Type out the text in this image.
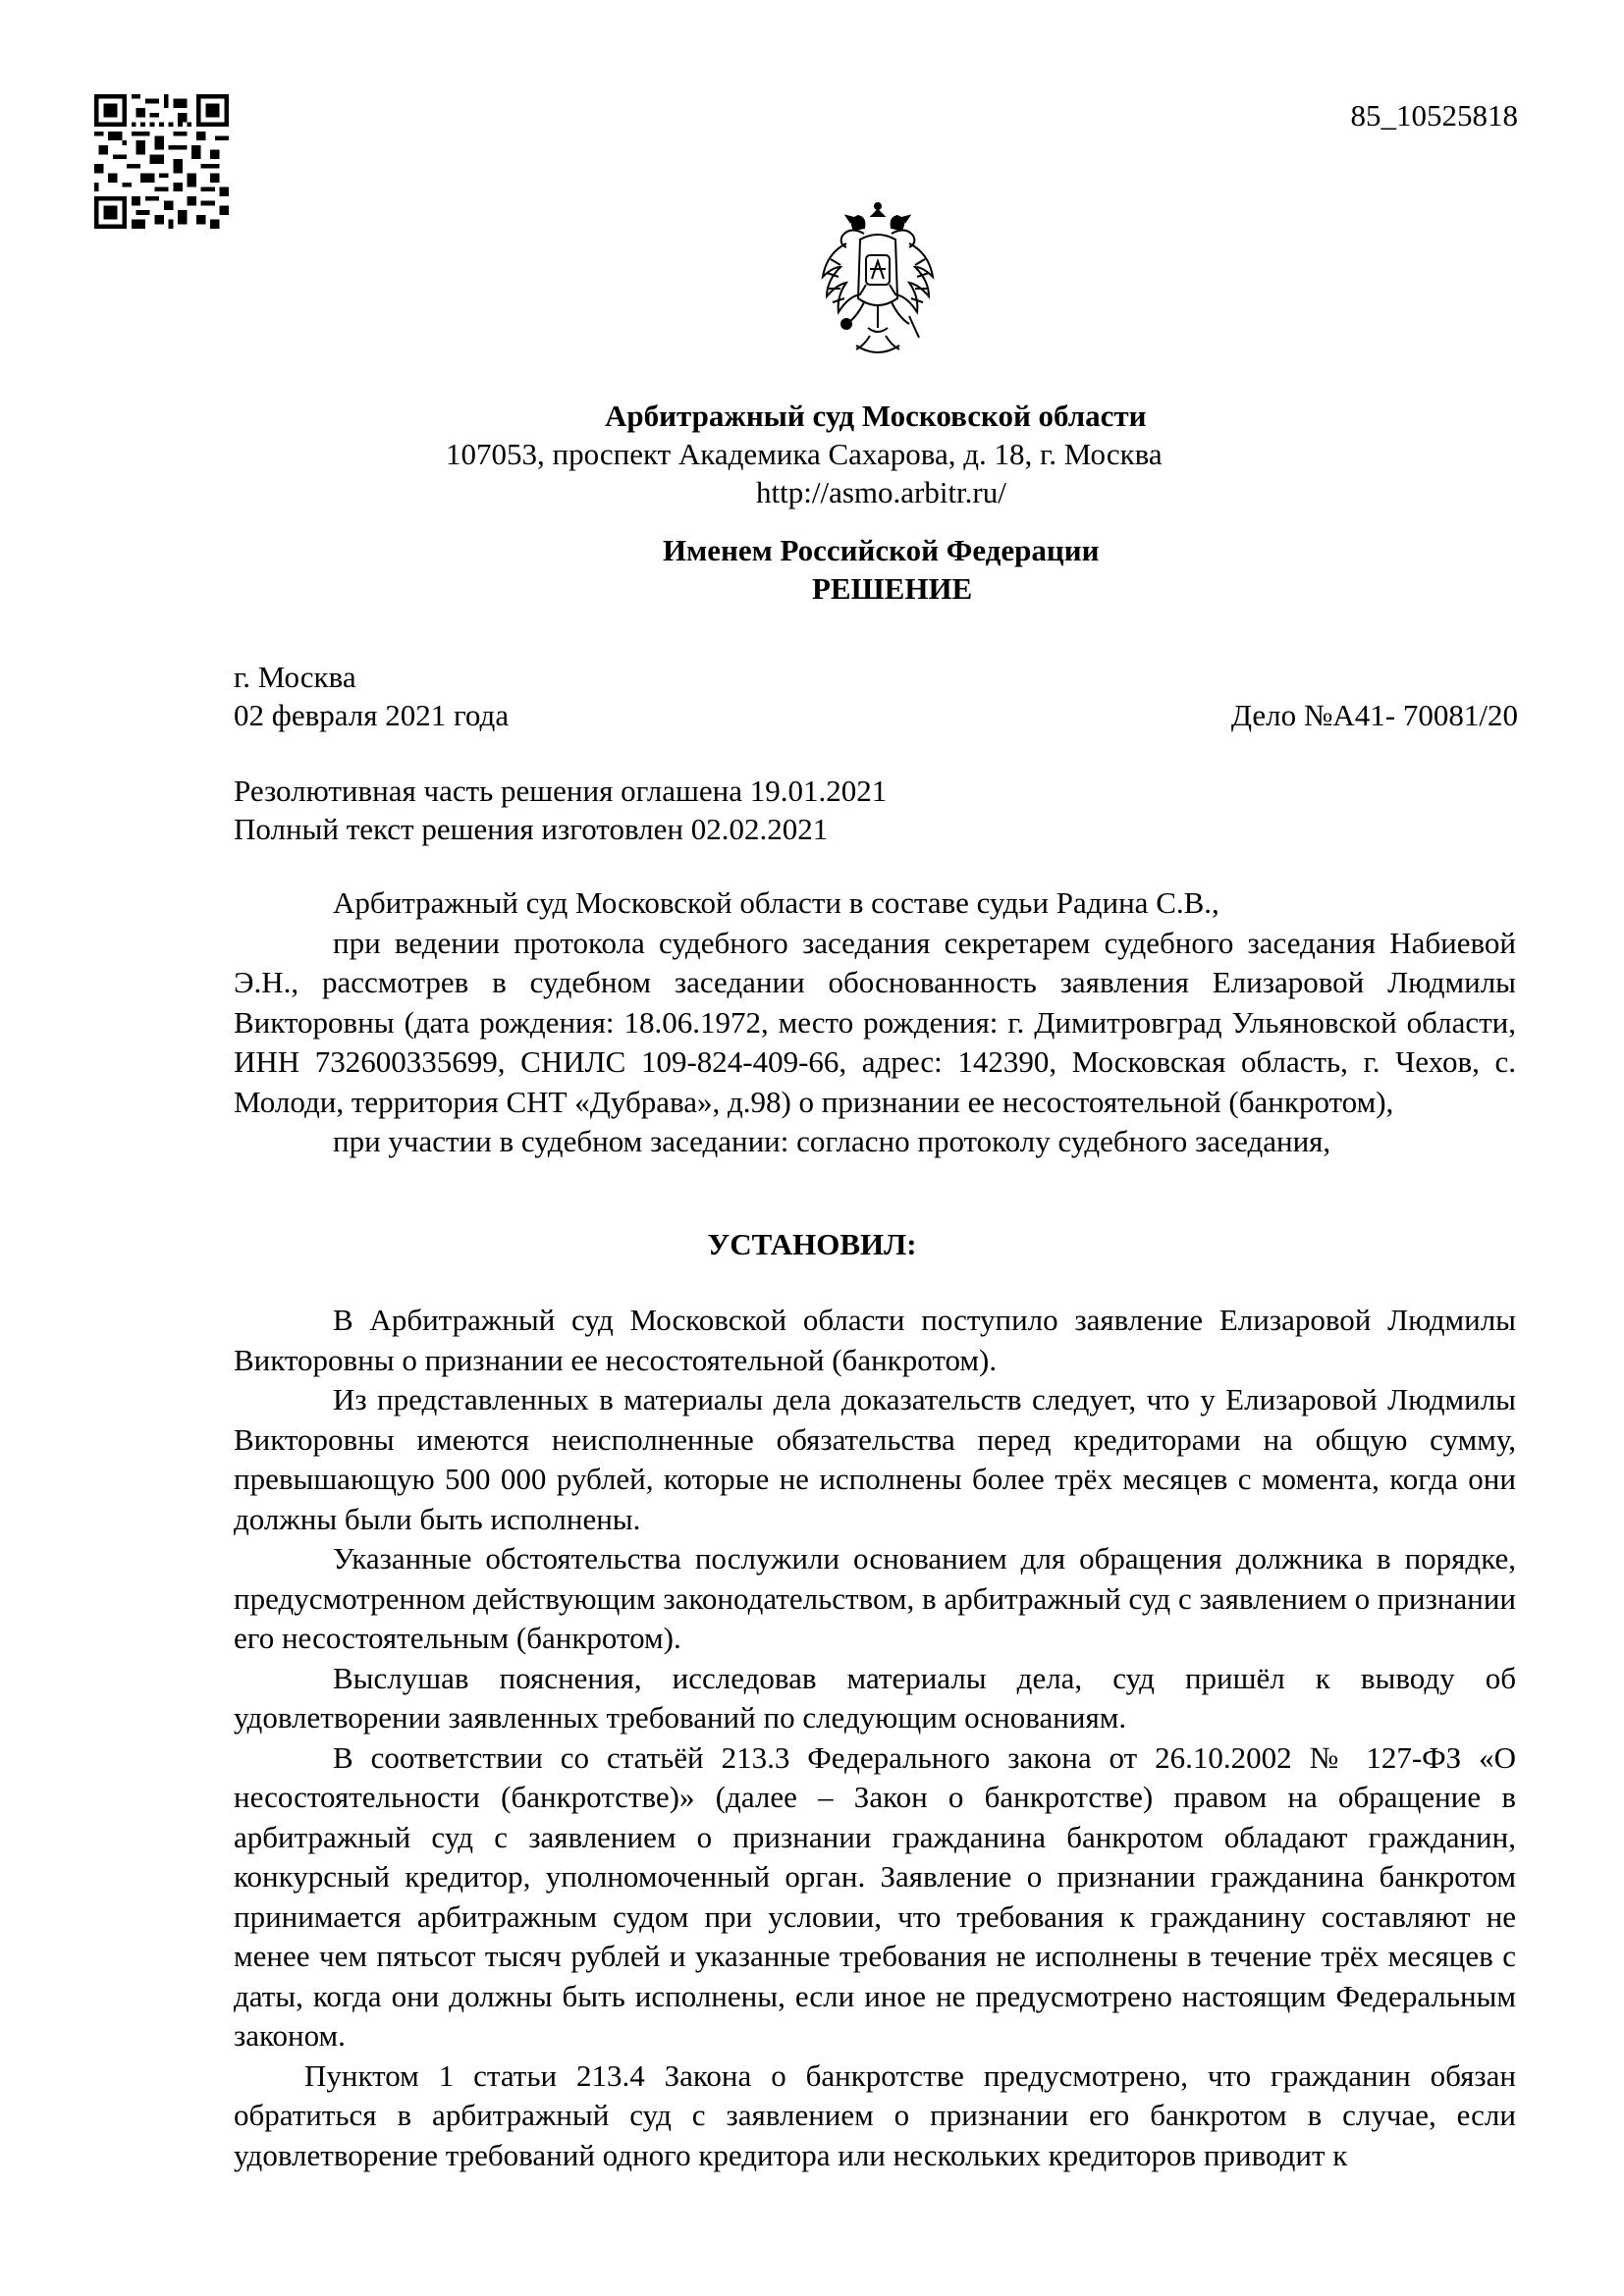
85_10525818
Арбитражный суд Московской области
107053, проспект Академика Сахарова, д. 18, г. Москва
http://asmo.arbitr.ru/
Именем Российской Федерации
РЕШЕНИЕ
г. Москва
02 февраля 2021 года	Дело №А41- 70081/20
Резолютивная часть решения оглашена 19.01.2021
Полный текст решения изготовлен 02.02.2021

Арбитражный суд Московской области в составе судьи Радина С.В.,

при ведении протокола судебного заседания секретарем судебного заседания Набиевой Э.Н., рассмотрев в судебном заседании обоснованность заявления Елизаровой Людмилы Викторовны (дата рождения: 18.06.1972, место рождения: г. Димитровград Ульяновской области, ИНН 732600335699, СНИЛС 109-824-409-66, адрес: 142390, Московская область, г. Чехов, с. Молоди, территория СНТ «Дубрава», д.98) о признании ее несостоятельной (банкротом),

при участии в судебном заседании: согласно протоколу судебного заседания,

УСТАНОВИЛ:

В Арбитражный суд Московской области поступило заявление Елизаровой Людмилы Викторовны о признании ее несостоятельной (банкротом).

Из представленных в материалы дела доказательств следует, что у Елизаровой Людмилы Викторовны имеются неисполненные обязательства перед кредиторами на общую сумму, превышающую 500 000 рублей, которые не исполнены более трёх месяцев с момента, когда они должны были быть исполнены.

Указанные обстоятельства послужили основанием для обращения должника в порядке, предусмотренном действующим законодательством, в арбитражный суд с заявлением о признании его несостоятельным (банкротом).

Выслушав пояснения, исследовав материалы дела, суд пришёл к выводу об удовлетворении заявленных требований по следующим основаниям.

В соответствии со статьёй 213.3 Федерального закона от 26.10.2002 № 127-ФЗ «О несостоятельности (банкротстве)» (далее – Закон о банкротстве) правом на обращение в арбитражный суд с заявлением о признании гражданина банкротом обладают гражданин, конкурсный кредитор, уполномоченный орган. Заявление о признании гражданина банкротом принимается арбитражным судом при условии, что требования к гражданину составляют не менее чем пятьсот тысяч рублей и указанные требования не исполнены в течение трёх месяцев с даты, когда они должны быть исполнены, если иное не предусмотрено настоящим Федеральным законом.

Пунктом 1 статьи 213.4 Закона о банкротстве предусмотрено, что гражданин обязан обратиться в арбитражный суд с заявлением о признании его банкротом в случае, если удовлетворение требований одного кредитора или нескольких кредиторов приводит к
